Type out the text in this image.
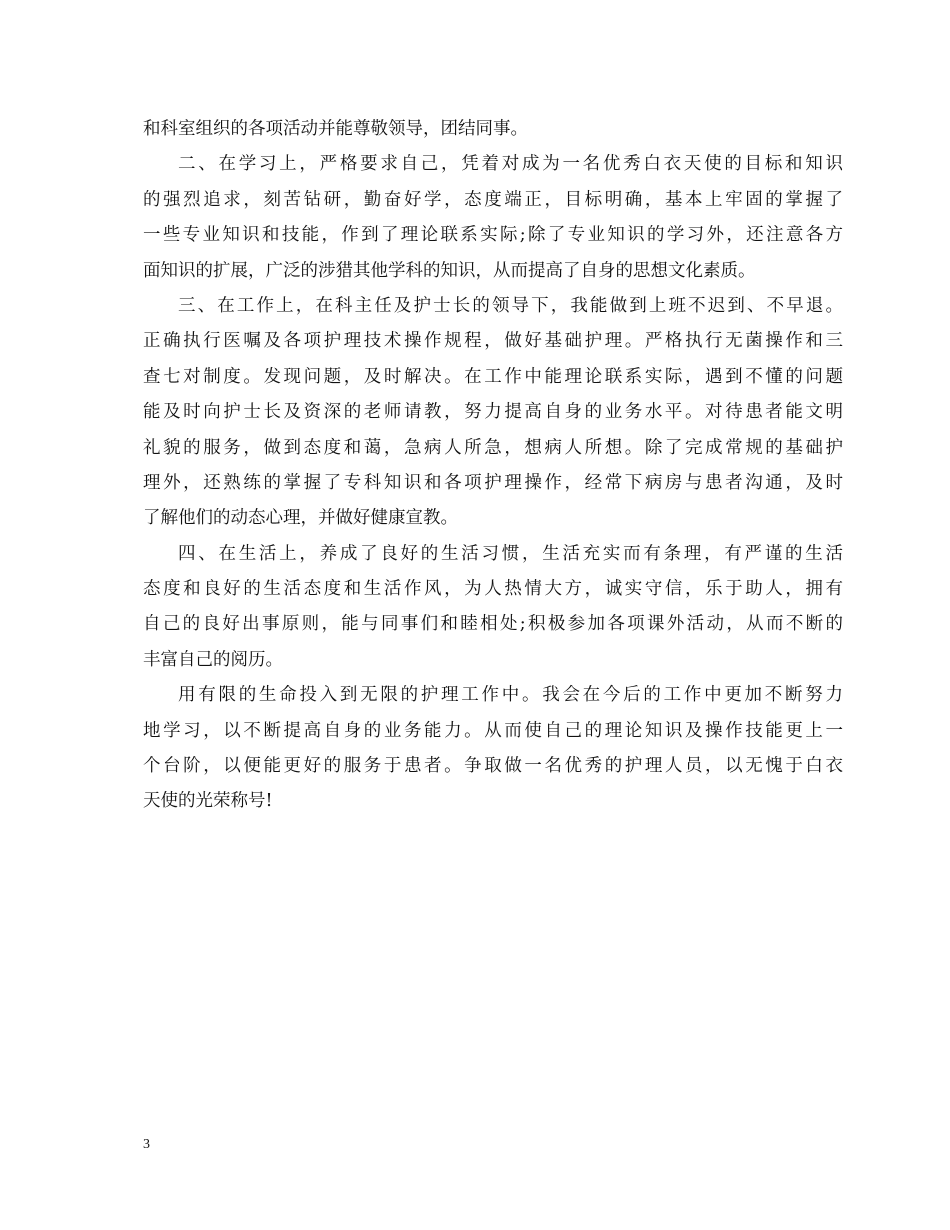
和科室组织的各项活动并能尊敬领导，团结同事。
二、在学习上，严格要求自己，凭着对成为一名优秀白衣天使的目标和知识
的强烈追求，刻苦钻研，勤奋好学，态度端正，目标明确，基本上牢固的掌握了
一些专业知识和技能，作到了理论联系实际;除了专业知识的学习外，还注意各方
面知识的扩展，广泛的涉猎其他学科的知识，从而提高了自身的思想文化素质。
三、在工作上，在科主任及护士长的领导下，我能做到上班不迟到、不早退。
正确执行医嘱及各项护理技术操作规程，做好基础护理。严格执行无菌操作和三
查七对制度。发现问题，及时解决。在工作中能理论联系实际，遇到不懂的问题
能及时向护士长及资深的老师请教，努力提高自身的业务水平。对待患者能文明
礼貌的服务，做到态度和蔼，急病人所急，想病人所想。除了完成常规的基础护
理外，还熟练的掌握了专科知识和各项护理操作，经常下病房与患者沟通，及时
了解他们的动态心理，并做好健康宣教。
四、在生活上，养成了良好的生活习惯，生活充实而有条理，有严谨的生活
态度和良好的生活态度和生活作风，为人热情大方，诚实守信，乐于助人，拥有
自己的良好出事原则，能与同事们和睦相处;积极参加各项课外活动，从而不断的
丰富自己的阅历。
用有限的生命投入到无限的护理工作中。我会在今后的工作中更加不断努力
地学习，以不断提高自身的业务能力。从而使自己的理论知识及操作技能更上一
个台阶，以便能更好的服务于患者。争取做一名优秀的护理人员，以无愧于白衣
天使的光荣称号!
3
